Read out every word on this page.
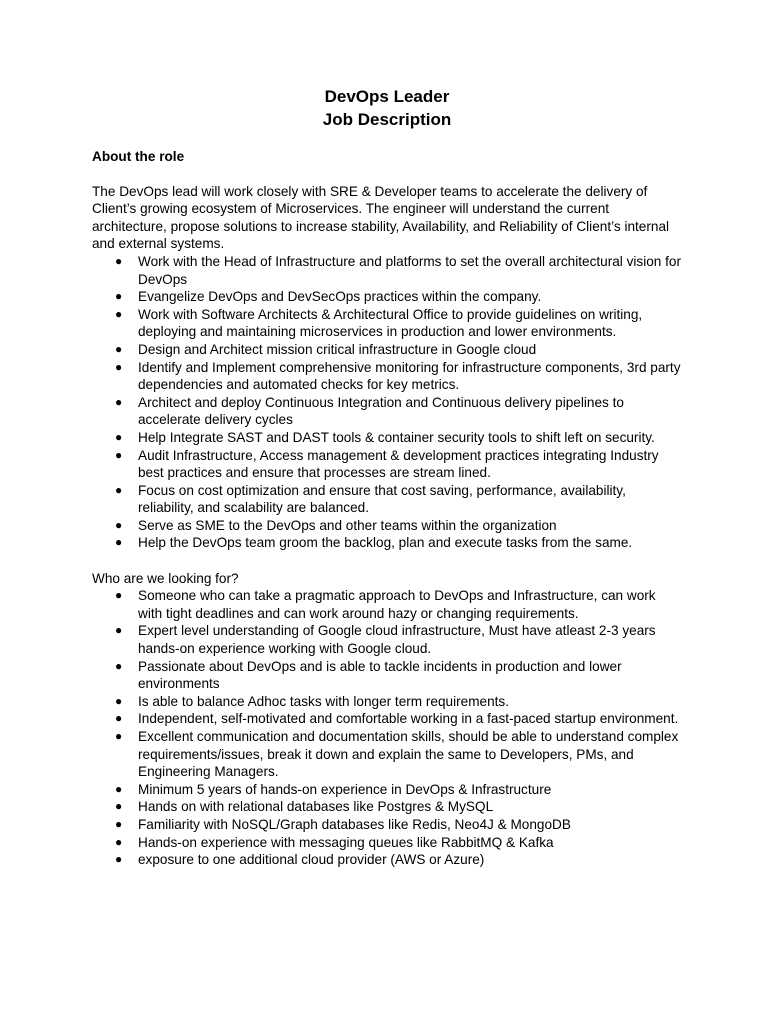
DevOps Leader
Job Description

About the role

The DevOps lead will work closely with SRE & Developer teams to accelerate the delivery of Client’s growing ecosystem of Microservices. The engineer will understand the current architecture, propose solutions to increase stability, Availability, and Reliability of Client’s internal and external systems.

● Work with the Head of Infrastructure and platforms to set the overall architectural vision for DevOps
● Evangelize DevOps and DevSecOps practices within the company.
● Work with Software Architects & Architectural Office to provide guidelines on writing, deploying and maintaining microservices in production and lower environments.
● Design and Architect mission critical infrastructure in Google cloud
● Identify and Implement comprehensive monitoring for infrastructure components, 3rd party dependencies and automated checks for key metrics.
● Architect and deploy Continuous Integration and Continuous delivery pipelines to accelerate delivery cycles
● Help Integrate SAST and DAST tools & container security tools to shift left on security.
● Audit Infrastructure, Access management & development practices integrating Industry best practices and ensure that processes are stream lined.
● Focus on cost optimization and ensure that cost saving, performance, availability, reliability, and scalability are balanced.
● Serve as SME to the DevOps and other teams within the organization
● Help the DevOps team groom the backlog, plan and execute tasks from the same.

Who are we looking for?

● Someone who can take a pragmatic approach to DevOps and Infrastructure, can work with tight deadlines and can work around hazy or changing requirements.
● Expert level understanding of Google cloud infrastructure, Must have atleast 2-3 years hands-on experience working with Google cloud.
● Passionate about DevOps and is able to tackle incidents in production and lower environments
● Is able to balance Adhoc tasks with longer term requirements.
● Independent, self-motivated and comfortable working in a fast-paced startup environment.
● Excellent communication and documentation skills, should be able to understand complex requirements/issues, break it down and explain the same to Developers, PMs, and Engineering Managers.
● Minimum 5 years of hands-on experience in DevOps & Infrastructure
● Hands on with relational databases like Postgres & MySQL
● Familiarity with NoSQL/Graph databases like Redis, Neo4J & MongoDB
● Hands-on experience with messaging queues like RabbitMQ & Kafka
● exposure to one additional cloud provider (AWS or Azure)
